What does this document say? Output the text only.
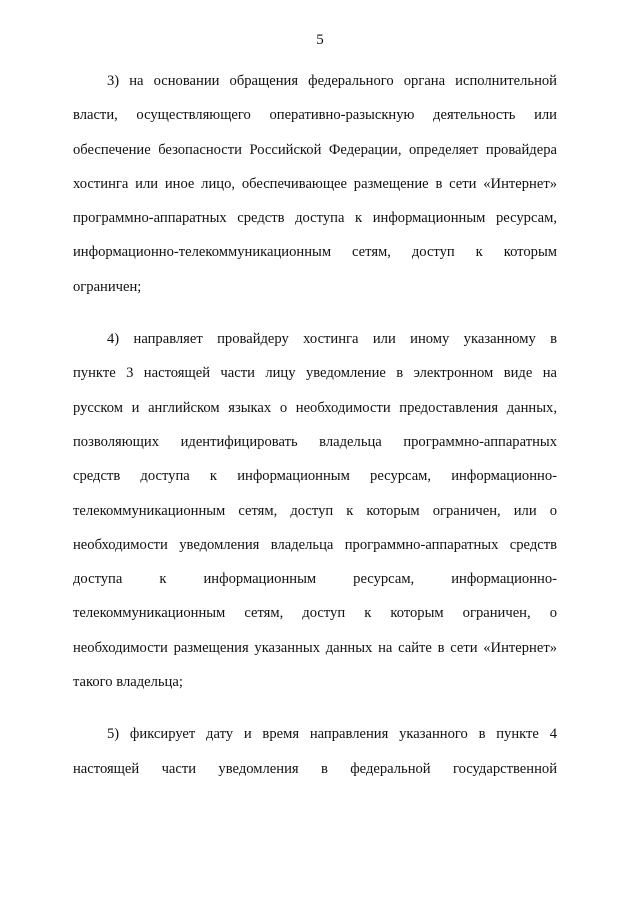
5

3) на основании обращения федерального органа исполнительной
власти, осуществляющего оперативно-разыскную деятельность или
обеспечение безопасности Российской Федерации, определяет провайдера
хостинга или иное лицо, обеспечивающее размещение в сети «Интернет»
программно-аппаратных средств доступа к информационным ресурсам,
информационно-телекоммуникационным сетям, доступ к которым
ограничен;

4) направляет провайдеру хостинга или иному указанному в
пункте 3 настоящей части лицу уведомление в электронном виде на
русском и английском языках о необходимости предоставления данных,
позволяющих идентифицировать владельца программно-аппаратных
средств доступа к информационным ресурсам, информационно-
телекоммуникационным сетям, доступ к которым ограничен, или о
необходимости уведомления владельца программно-аппаратных средств
доступа к информационным ресурсам, информационно-
телекоммуникационным сетям, доступ к которым ограничен, о
необходимости размещения указанных данных на сайте в сети «Интернет»
такого владельца;

5) фиксирует дату и время направления указанного в пункте 4
настоящей части уведомления в федеральной государственной
